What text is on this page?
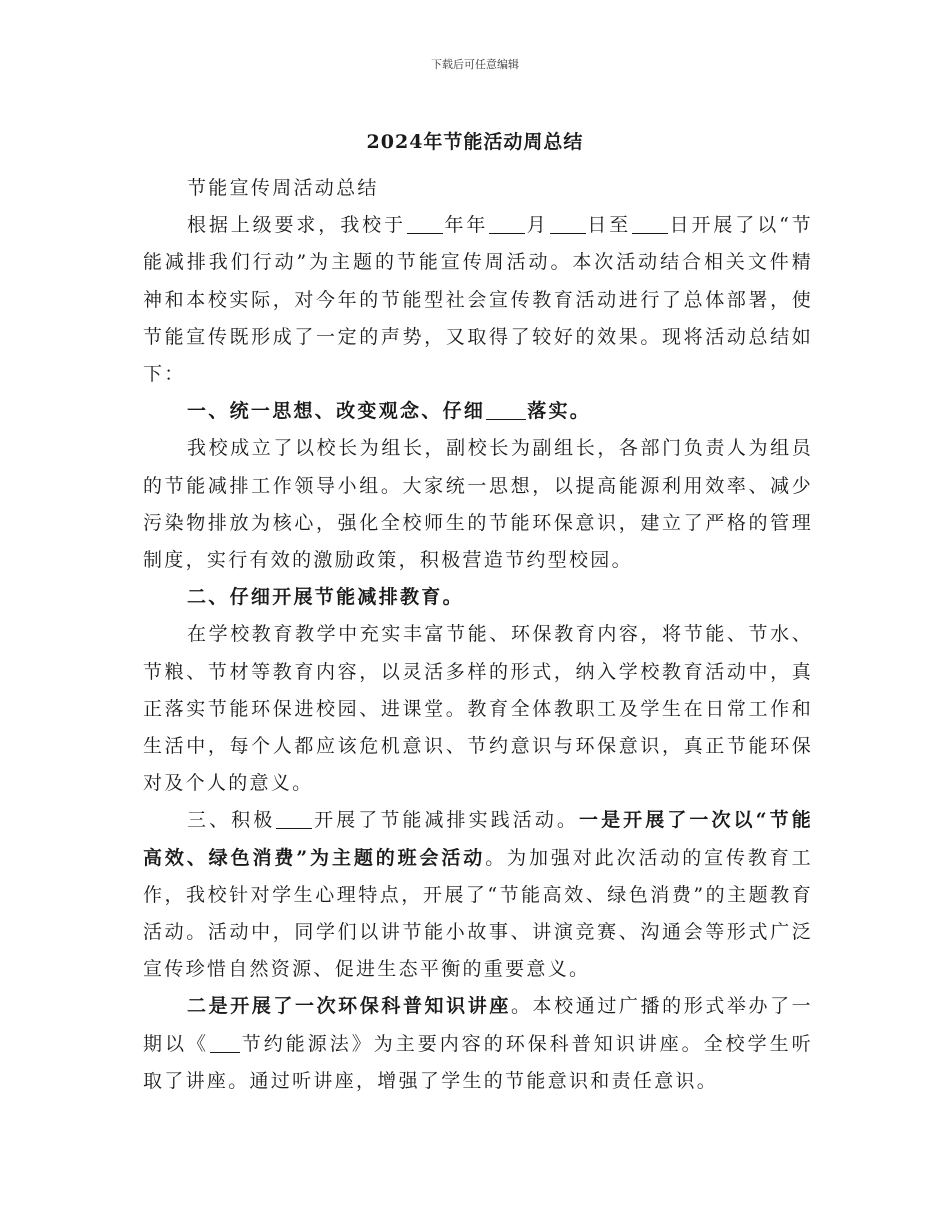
下载后可任意编辑
2024年节能活动周总结

节能宣传周活动总结

根据上级要求，我校于 年年 月 日至 日开展了以“节能减排我们行动”为主题的节能宣传周活动。本次活动结合相关文件精神和本校实际，对今年的节能型社会宣传教育活动进行了总体部署，使节能宣传既形成了一定的声势，又取得了较好的效果。现将活动总结如下：

一、统一思想、改变观念、仔细 落实。

我校成立了以校长为组长，副校长为副组长，各部门负责人为组员的节能减排工作领导小组。大家统一思想，以提高能源利用效率、减少污染物排放为核心，强化全校师生的节能环保意识，建立了严格的管理制度，实行有效的激励政策，积极营造节约型校园。

二、仔细开展节能减排教育。

在学校教育教学中充实丰富节能、环保教育内容，将节能、节水、节粮、节材等教育内容，以灵活多样的形式，纳入学校教育活动中，真正落实节能环保进校园、进课堂。教育全体教职工及学生在日常工作和生活中，每个人都应该危机意识、节约意识与环保意识，真正节能环保对及个人的意义。

三、积极 开展了节能减排实践活动。一是开展了一次以“节能高效、绿色消费”为主题的班会活动。为加强对此次活动的宣传教育工作，我校针对学生心理特点，开展了“节能高效、绿色消费”的主题教育活动。活动中，同学们以讲节能小故事、讲演竞赛、沟通会等形式广泛宣传珍惜自然资源、促进生态平衡的重要意义。

二是开展了一次环保科普知识讲座。本校通过广播的形式举办了一期以《 节约能源法》为主要内容的环保科普知识讲座。全校学生听取了讲座。通过听讲座，增强了学生的节能意识和责任意识。
